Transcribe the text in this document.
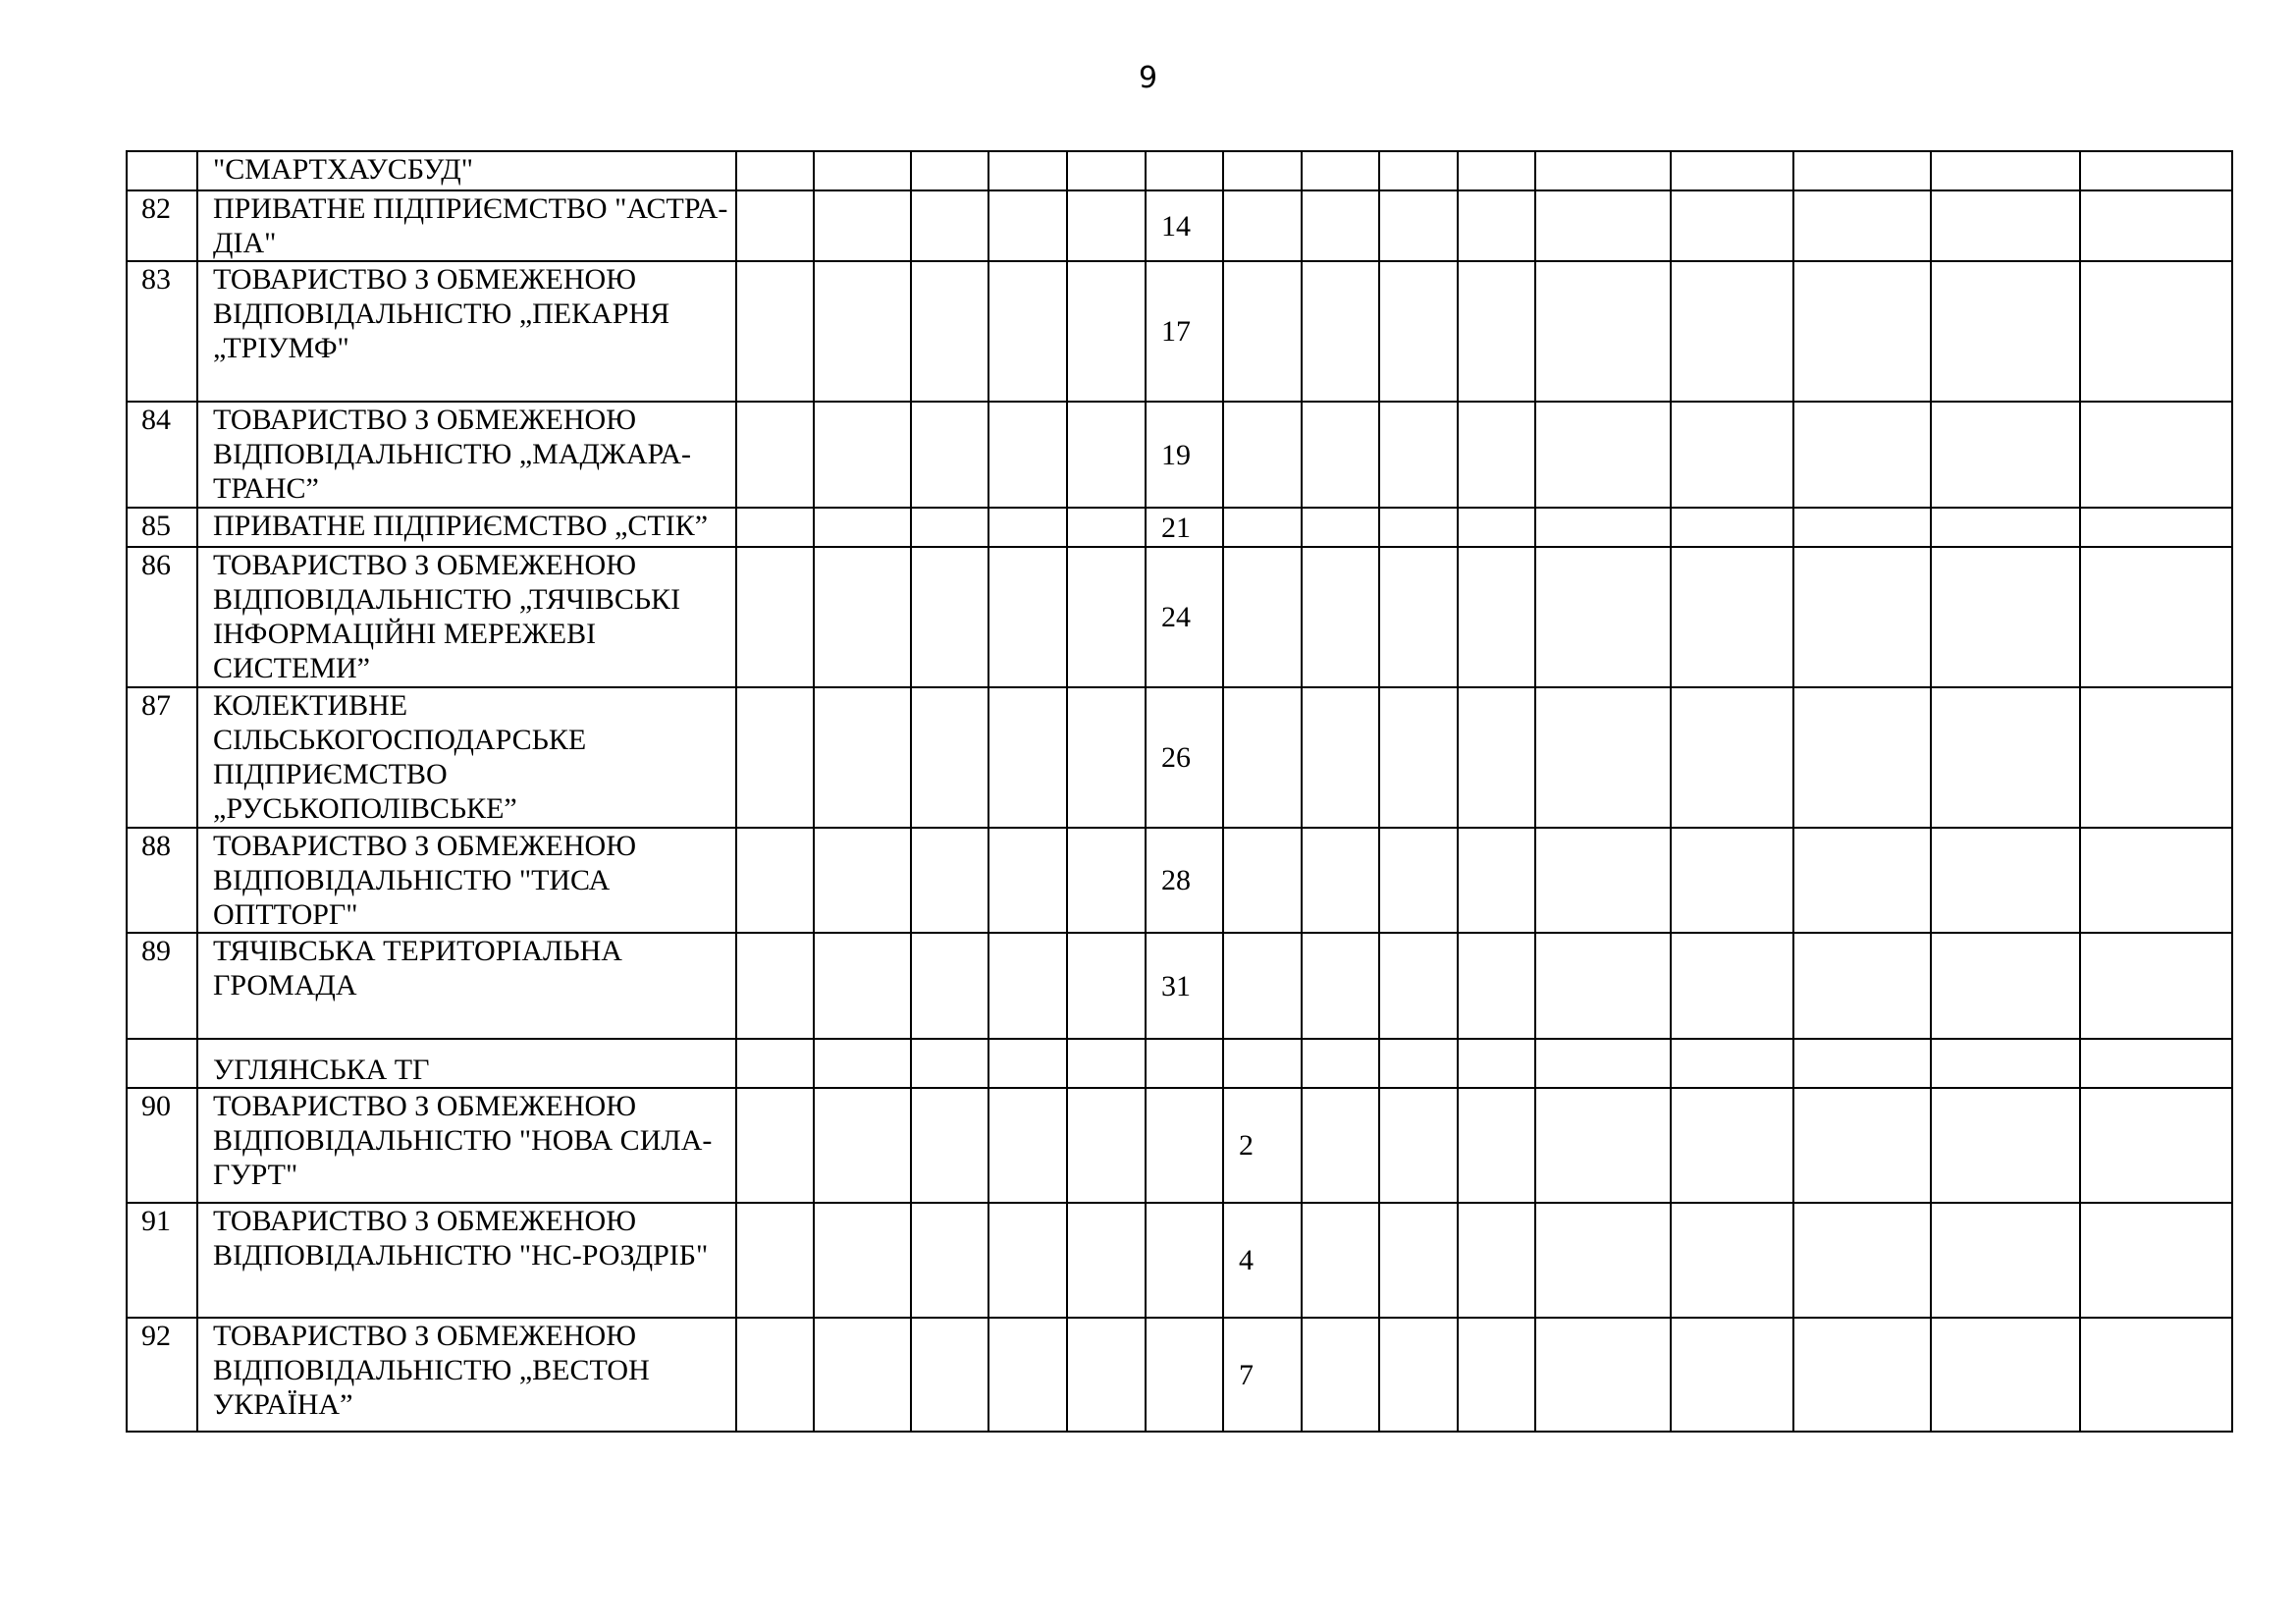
9
	"СМАРТХАУСБУД"															
82	ПРИВАТНЕ ПІДПРИЄМСТВО "АСТРА-ДІА"						14									
83	ТОВАРИСТВО З ОБМЕЖЕНОЮ ВІДПОВІДАЛЬНІСТЮ „ПЕКАРНЯ „ТРІУМФ"						17									
84	ТОВАРИСТВО З ОБМЕЖЕНОЮ ВІДПОВІДАЛЬНІСТЮ „МАДЖАРА-ТРАНС”						19									
85	ПРИВАТНЕ ПІДПРИЄМСТВО „СТІК”						21									
86	ТОВАРИСТВО З ОБМЕЖЕНОЮ ВІДПОВІДАЛЬНІСТЮ „ТЯЧІВСЬКІ ІНФОРМАЦІЙНІ МЕРЕЖЕВІ СИСТЕМИ”						24									
87	КОЛЕКТИВНЕ СІЛЬСЬКОГОСПОДАРСЬКЕ ПІДПРИЄМСТВО „РУСЬКОПОЛІВСЬКЕ”						26									
88	ТОВАРИСТВО З ОБМЕЖЕНОЮ ВІДПОВІДАЛЬНІСТЮ "ТИСА ОПТТОРГ"						28									
89	ТЯЧІВСЬКА ТЕРИТОРІАЛЬНА ГРОМАДА						31									
	УГЛЯНСЬКА ТГ															
90	ТОВАРИСТВО З ОБМЕЖЕНОЮ ВІДПОВІДАЛЬНІСТЮ "НОВА СИЛА-ГУРТ"							2								
91	ТОВАРИСТВО З ОБМЕЖЕНОЮ ВІДПОВІДАЛЬНІСТЮ "НС-РОЗДРІБ"							4								
92	ТОВАРИСТВО З ОБМЕЖЕНОЮ ВІДПОВІДАЛЬНІСТЮ „ВЕСТОН УКРАЇНА”							7								
